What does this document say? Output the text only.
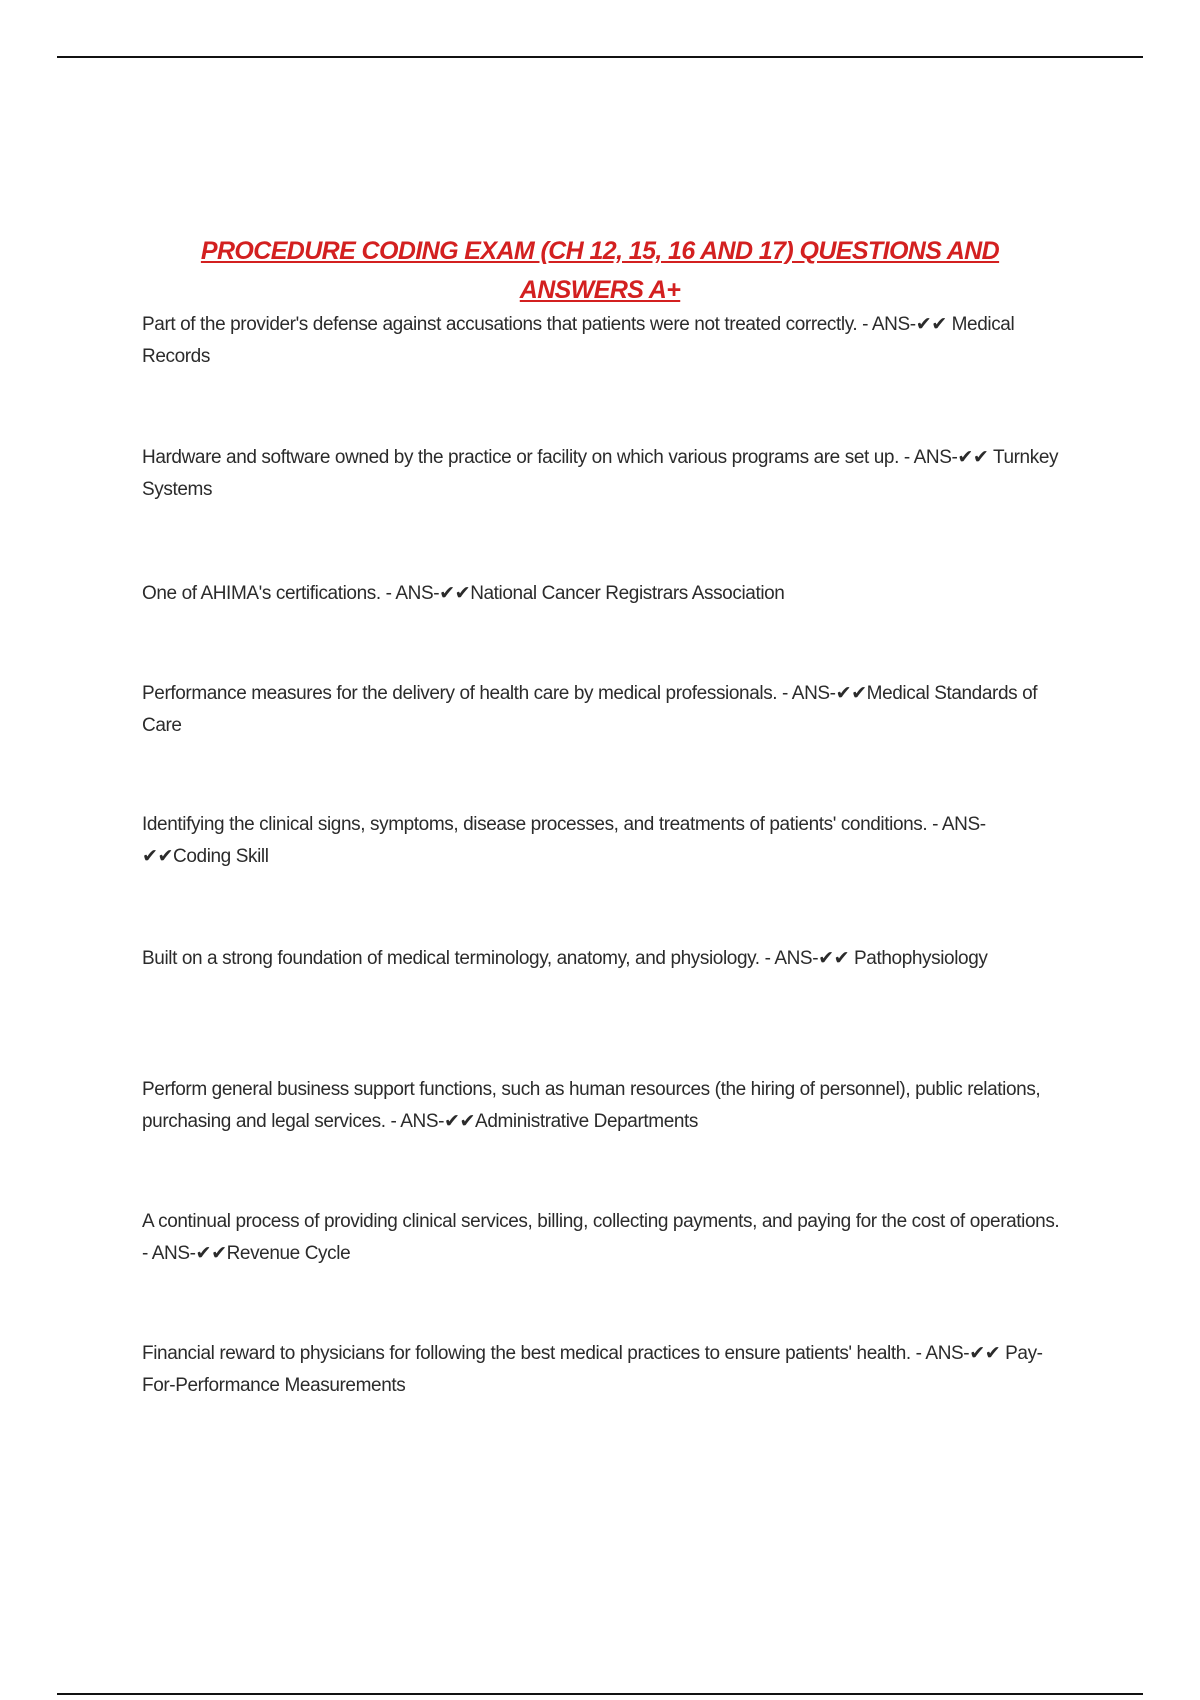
PROCEDURE CODING EXAM (CH 12, 15, 16 AND 17) QUESTIONS AND ANSWERS A+

Part of the provider's defense against accusations that patients were not treated correctly. - ANS-✔✔ Medical Records

Hardware and software owned by the practice or facility on which various programs are set up. - ANS-✔✔ Turnkey Systems

One of AHIMA's certifications. - ANS-✔✔National Cancer Registrars Association

Performance measures for the delivery of health care by medical professionals. - ANS-✔✔Medical Standards of Care

Identifying the clinical signs, symptoms, disease processes, and treatments of patients' conditions. - ANS-✔✔Coding Skill

Built on a strong foundation of medical terminology, anatomy, and physiology. - ANS-✔✔ Pathophysiology

Perform general business support functions, such as human resources (the hiring of personnel), public relations, purchasing and legal services. - ANS-✔✔Administrative Departments

A continual process of providing clinical services, billing, collecting payments, and paying for the cost of operations. - ANS-✔✔Revenue Cycle

Financial reward to physicians for following the best medical practices to ensure patients' health. - ANS-✔✔ Pay-For-Performance Measurements
